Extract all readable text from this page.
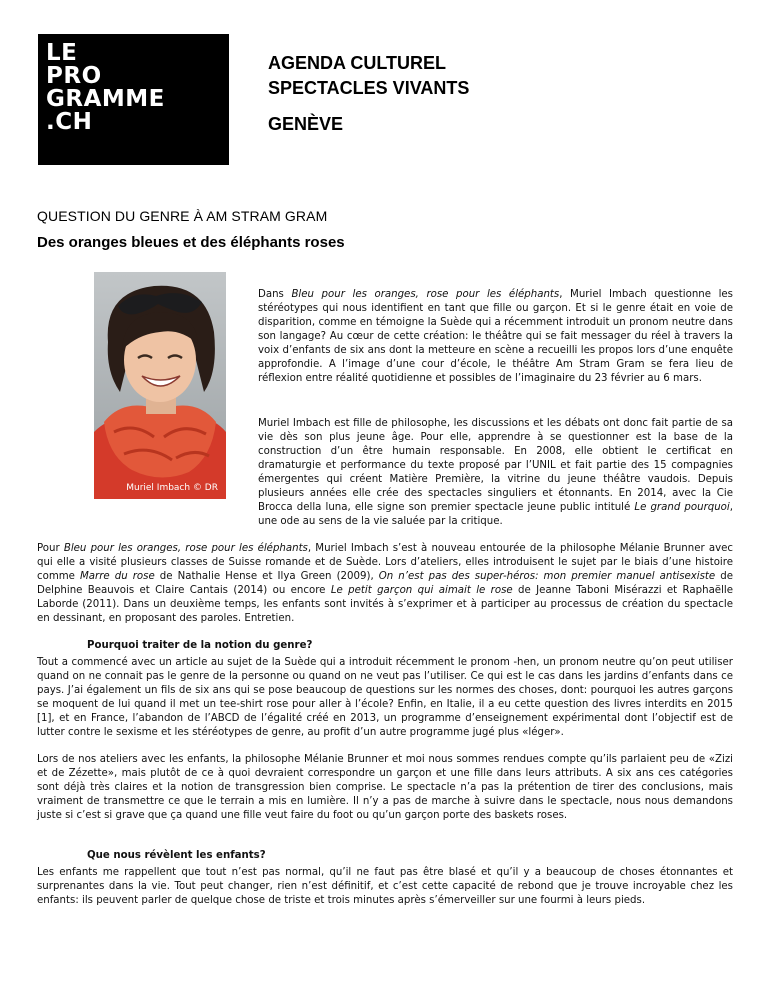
LE
PRO
GRAMME
.CH
AGENDA CULTUREL
SPECTACLES VIVANTS
GENÈVE
QUESTION DU GENRE À AM STRAM GRAM
Des oranges bleues et des éléphants roses
Muriel Imbach © DR

Dans Bleu pour les oranges, rose pour les éléphants, Muriel Imbach questionne les stéréotypes qui nous identifient en tant que fille ou garçon. Et si le genre était en voie de disparition, comme en témoigne la Suède qui a récemment introduit un pronom neutre dans son langage? Au cœur de cette création: le théâtre qui se fait messager du réel à travers la voix d’enfants de six ans dont la metteure en scène a recueilli les propos lors d’une enquête approfondie. A l’image d’une cour d’école, le théâtre Am Stram Gram se fera lieu de réflexion entre réalité quotidienne et possibles de l’imaginaire du 23 février au 6 mars.

Muriel Imbach est fille de philosophe, les discussions et les débats ont donc fait partie de sa vie dès son plus jeune âge. Pour elle, apprendre à se questionner est la base de la construction d’un être humain responsable. En 2008, elle obtient le certificat en dramaturgie et performance du texte proposé par l’UNIL et fait partie des 15 compagnies émergentes qui créent Matière Première, la vitrine du jeune théâtre vaudois. Depuis plusieurs années elle crée des spectacles singuliers et étonnants. En 2014, avec la Cie Brocca della luna, elle signe son premier spectacle jeune public intitulé Le grand pourquoi, une ode au sens de la vie saluée par la critique.

Pour Bleu pour les oranges, rose pour les éléphants, Muriel Imbach s’est à nouveau entourée de la philosophe Mélanie Brunner avec qui elle a visité plusieurs classes de Suisse romande et de Suède. Lors d’ateliers, elles introduisent le sujet par le biais d’une histoire comme Marre du rose de Nathalie Hense et Ilya Green (2009), On n’est pas des super-héros: mon premier manuel antisexiste de Delphine Beauvois et Claire Cantais (2014) ou encore Le petit garçon qui aimait le rose de Jeanne Taboni Misérazzi et Raphaëlle Laborde (2011). Dans un deuxième temps, les enfants sont invités à s’exprimer et à participer au processus de création du spectacle en dessinant, en proposant des paroles. Entretien.

Pourquoi traiter de la notion du genre?

Tout a commencé avec un article au sujet de la Suède qui a introduit récemment le pronom -hen, un pronom neutre qu’on peut utiliser quand on ne connait pas le genre de la personne ou quand on ne veut pas l’utiliser. Ce qui est le cas dans les jardins d’enfants dans ce pays. J’ai également un fils de six ans qui se pose beaucoup de questions sur les normes des choses, dont: pourquoi les autres garçons se moquent de lui quand il met un tee-shirt rose pour aller à l’école? Enfin, en Italie, il a eu cette question des livres interdits en 2015 [1], et en France, l’abandon de l’ABCD de l’égalité créé en 2013, un programme d’enseignement expérimental dont l’objectif est de lutter contre le sexisme et les stéréotypes de genre, au profit d’un autre programme jugé plus «léger».

Lors de nos ateliers avec les enfants, la philosophe Mélanie Brunner et moi nous sommes rendues compte qu’ils parlaient peu de «Zizi et de Zézette», mais plutôt de ce à quoi devraient correspondre un garçon et une fille dans leurs attributs. A six ans ces catégories sont déjà très claires et la notion de transgression bien comprise. Le spectacle n’a pas la prétention de tirer des conclusions, mais vraiment de transmettre ce que le terrain a mis en lumière. Il n’y a pas de marche à suivre dans le spectacle, nous nous demandons juste si c’est si grave que ça quand une fille veut faire du foot ou qu’un garçon porte des baskets roses.

Que nous révèlent les enfants?

Les enfants me rappellent que tout n’est pas normal, qu’il ne faut pas être blasé et qu’il y a beaucoup de choses étonnantes et surprenantes dans la vie. Tout peut changer, rien n’est définitif, et c’est cette capacité de rebond que je trouve incroyable chez les enfants: ils peuvent parler de quelque chose de triste et trois minutes après s’émerveiller sur une fourmi à leurs pieds.
